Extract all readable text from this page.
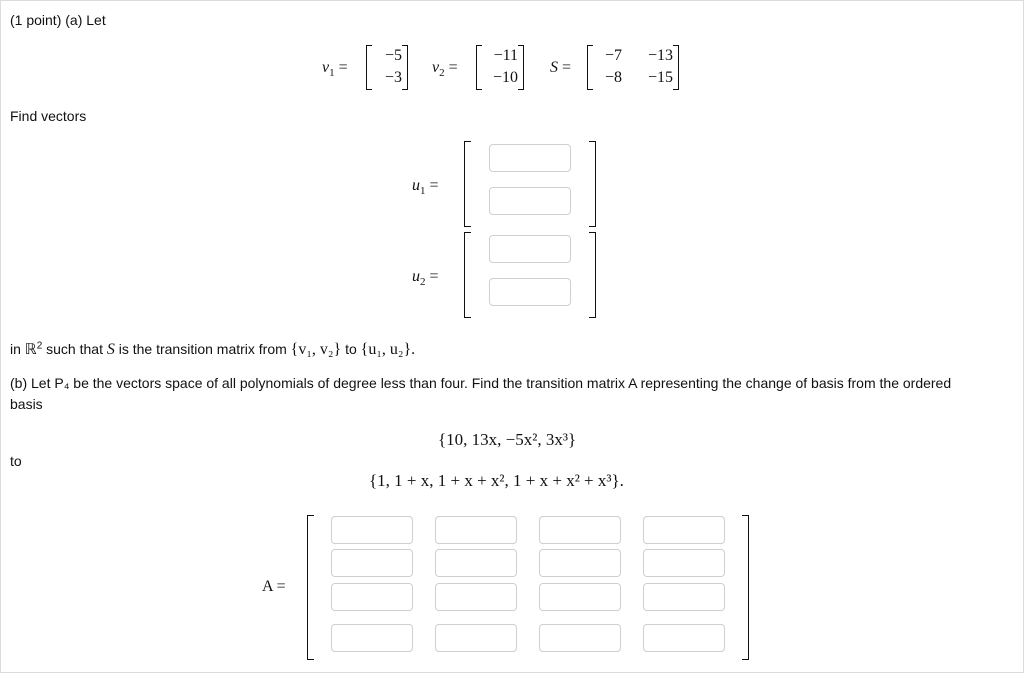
(1 point) (a) Let
$v_1$ =
−5
−3
$v_2$ =
−11
−10
S =
−7 −13
−8 −15
Find vectors
$u_1$ =
$u_2$ =
in ℝ$^2$ such that S is the transition matrix from {v₁, v₂} to {u₁, u₂}.
(b) Let P₄ be the vectors space of all polynomials of degree less than four. Find the transition matrix A representing the change of basis from the ordered
basis
{10, 13x, −5x², 3x³}
to
{1, 1 + x, 1 + x + x², 1 + x + x² + x³}.
A =
